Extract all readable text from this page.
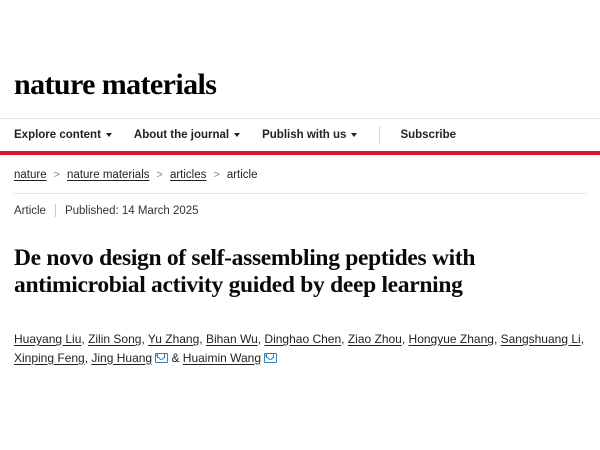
nature materials
Explore content	About the journal	Publish with us	Subscribe
nature > nature materials > articles > article
Article Published: 14 March 2025
De novo design of self-assembling peptides with antimicrobial activity guided by deep learning
Huayang Liu, Zilin Song, Yu Zhang, Bihan Wu, Dinghao Chen, Ziao Zhou, Hongyue Zhang, Sangshuang Li, Xinping Feng, Jing Huang
& Huaimin Wang
